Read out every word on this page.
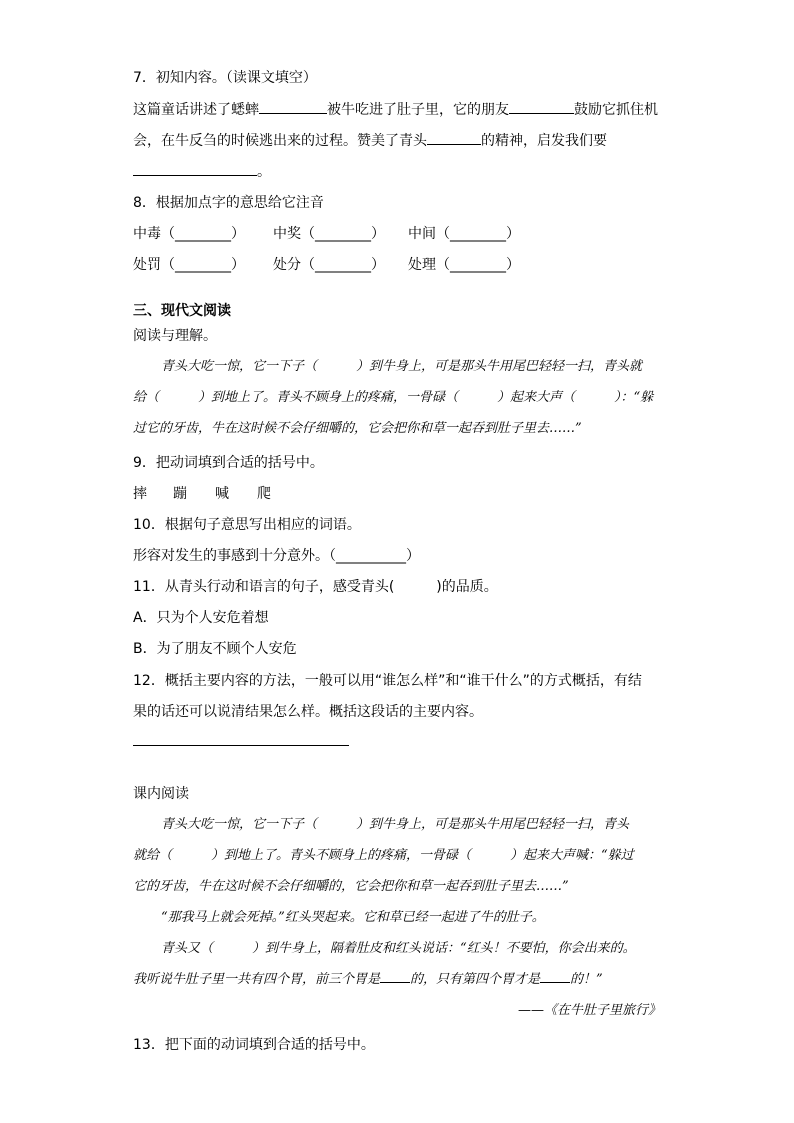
7．初知内容。（读课文填空）
这篇童话讲述了蟋蟀	被牛吃进了肚子里，它的朋友	鼓励它抓住机
会，在牛反刍的时候逃出来的过程。赞美了青头	的精神，启发我们要
。
8．根据加点字的意思给它注音
中毒（________） 中奖（________） 中间（________）
处罚（________） 处分（________） 处理（________）
三、现代文阅读
阅读与理解。
青头大吃一惊，它一下子（　　　）到牛身上，可是那头牛用尾巴轻轻一扫，青头就
给（　　　）到地上了。青头不顾身上的疼痛，一骨碌（　　　）起来大声（　　　）：“躲
过它的牙齿，牛在这时候不会仔细嚼的，它会把你和草一起吞到肚子里去……”
9．把动词填到合适的括号中。
摔 蹦 喊 爬
10．根据句子意思写出相应的词语。
形容对发生的事感到十分意外。（__________）
11．从青头行动和语言的句子，感受青头(　　　)的品质。
A．只为个人安危着想
B．为了朋友不顾个人安危
12．概括主要内容的方法，一般可以用“谁怎么样”和“谁干什么”的方式概括，有结
果的话还可以说清结果怎么样。概括这段话的主要内容。
课内阅读
青头大吃一惊，它一下子（　　　）到牛身上，可是那头牛用尾巴轻轻一扫，青头
就给（　　　）到地上了。青头不顾身上的疼痛，一骨碌（　　　）起来大声喊：“躲过
它的牙齿，牛在这时候不会仔细嚼的，它会把你和草一起吞到肚子里去……”
“那我马上就会死掉。”红头哭起来。它和草已经一起进了牛的肚子。
青头又（　　　）到牛身上，隔着肚皮和红头说话：“红头！不要怕，你会出来的。
我听说牛肚子里一共有四个胃，前三个胃是 的，只有第四个胃才是 的！”
——《在牛肚子里旅行》
13．把下面的动词填到合适的括号中。
